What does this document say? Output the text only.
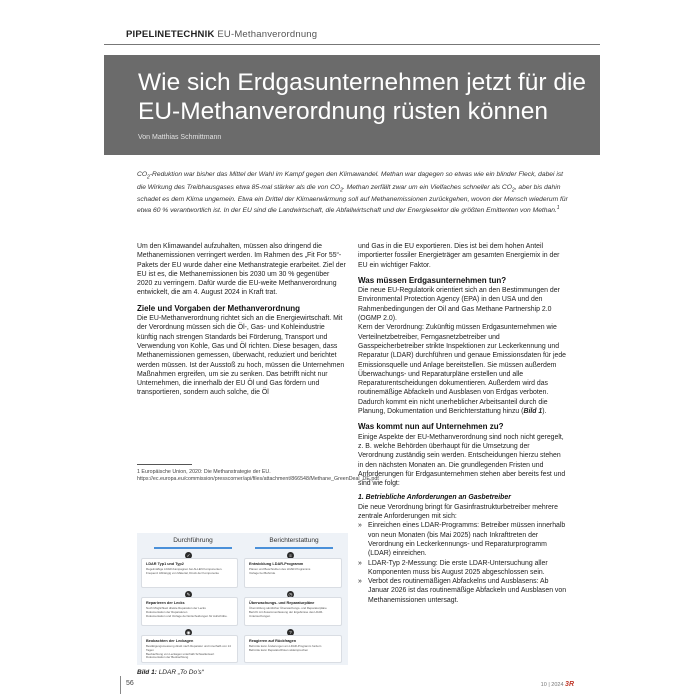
PIPELINETECHNIK EU-Methanverordnung
Wie sich Erdgasunternehmen jetzt für die EU-Methanverordnung rüsten können
Von Matthias Schmittmann
$CO_2$-Reduktion war bisher das Mittel der Wahl im Kampf gegen den Klimawandel. Methan war dagegen so etwas wie ein blinder Fleck, dabei ist die Wirkung des Treibhausgases etwa 85-mal stärker als die von $CO_2$. Methan zerfällt zwar um ein Vielfaches schneller als $CO_2$, aber bis dahin schadet es dem Klima ungemein. Etwa ein Drittel der Klimaerwärmung soll auf Methanemissionen zurückgehen, wovon der Mensch wiederum für etwa 60 % verantwortlich ist. In der EU sind die Landwirtschaft, die Abfallwirtschaft und der Energiesektor die größten Emittenten von Methan.$^1$

Um den Klimawandel aufzuhalten, müssen also dringend die Methanemissionen verringert werden. Im Rahmen des „Fit For 55“-Pakets der EU wurde daher eine Methanstrategie erarbeitet. Ziel der EU ist es, die Methanemissionen bis 2030 um 30 % gegenüber 2020 zu verringern. Dafür wurde die EU-weite Methanverordnung entwickelt, die am 4. August 2024 in Kraft trat.

Ziele und Vorgaben der Methanverordnung

Die EU-Methanverordnung richtet sich an die Energiewirtschaft. Mit der Verordnung müssen sich die Öl-, Gas- und Kohleindustrie künftig nach strengen Standards bei Förderung, Transport und Verwendung von Kohle, Gas und Öl richten. Diese besagen, dass Methanemissionen gemessen, überwacht, reduziert und berichtet werden müssen. Ist der Ausstoß zu hoch, müssen die Unternehmen Maßnahmen ergreifen, um sie zu senken. Das betrifft nicht nur Unternehmen, die innerhalb der EU Öl und Gas fördern und transportieren, sondern auch solche, die Öl

1 Europäische Union, 2020: Die Methanstrategie der EU. https://ec.europa.eu/commission/presscorner/api/files/attachment/866548/Methane_GreenDeal_DE.pdf
Durchführung	Berichterstattung
✓
LDAR Typ1 und Typ2
Regelmäßige LDAR-Kampagnen bei ALLEN Komponenten.
Frequenz Abhängig von Material, Druck der Komponente
✎
Reparieren der Lecks
Noch Möglichkeit direkte Reparation der Lecks
Dokumentation der Reparaturen
Dokumentation und Vorlage der Entscheidungen für Aufschübe.
◉
Beobachten der Leckagen
Bestätigungsmessung direkt nach Reparatur und innerhalb von 14 Tagen
Beobachtung von Leckagen unterhalb Schwellenwert
Dokumentation der Beobachtung
≡
Entwicklung LDAR-Programm
Planen und Beschreiben des LDAR-Programms
Vorlage bei Behörde
◷
Überwachungs- und Reparaturpläne
Übermittlung sämtlicher Überwachungs- und Reparaturpläne
Bericht mit Zusammenfassung der Ergebnisse des LDAR-Untersuchungen
?
Reagieren auf Rückfragen
Behörde kann Änderungen am LDAR-Programm fordern
Behörde kann Reparaturfristen widersprechen
Bild 1: LDAR „To Do’s“

und Gas in die EU exportieren. Dies ist bei dem hohen Anteil importierter fossiler Energieträger am gesamten Energiemix in der EU ein wichtiger Faktor.

Was müssen Erdgasunternehmen tun?

Die neue EU-Regulatorik orientiert sich an den Bestimmungen der Environmental Protection Agency (EPA) in den USA und den Rahmenbedingungen der Oil and Gas Methane Partnership 2.0 (OGMP 2.0).

Kern der Verordnung: Zukünftig müssen Erdgasunternehmen wie Verteilnetzbetreiber, Ferngasnetzbetreiber und Gasspeicherbetreiber strikte Inspektionen zur Leckerkennung und Reparatur (LDAR) durchführen und genaue Emissionsdaten für jede Emissionsquelle und Anlage bereitstellen. Sie müssen außerdem Überwachungs- und Reparaturpläne erstellen und alle Reparaturentscheidungen dokumentieren. Außerdem wird das routinemäßige Abfackeln und Ausblasen von Erdgas verboten. Dadurch kommt ein nicht unerheblicher Arbeitsanteil durch die Planung, Dokumentation und Berichterstattung hinzu (Bild 1).

Was kommt nun auf Unternehmen zu?

Einige Aspekte der EU-Methanverordnung sind noch nicht geregelt, z. B. welche Behörden überhaupt für die Umsetzung der Verordnung zuständig sein werden. Entscheidungen hierzu stehen in den nächsten Monaten an. Die grundlegenden Fristen und Anforderungen für Erdgasunternehmen stehen aber bereits fest und sind wie folgt:

1. Betriebliche Anforderungen an Gasbetreiber

Die neue Verordnung bringt für Gasinfrastrukturbetreiber mehrere zentrale Anforderungen mit sich:

» Einreichen eines LDAR-Programms: Betreiber müssen innerhalb von neun Monaten (bis Mai 2025) nach Inkrafttreten der Verordnung ein Leckerkennungs- und Reparaturprogramm (LDAR) einreichen.
» LDAR-Typ 2-Messung: Die erste LDAR-Untersuchung aller Komponenten muss bis August 2025 abgeschlossen sein.
» Verbot des routinemäßigen Abfackelns und Ausblasens: Ab Januar 2026 ist das routinemäßige Abfackeln und Ausblasen von Methanemissionen untersagt.
56	10 | 2024 3R
